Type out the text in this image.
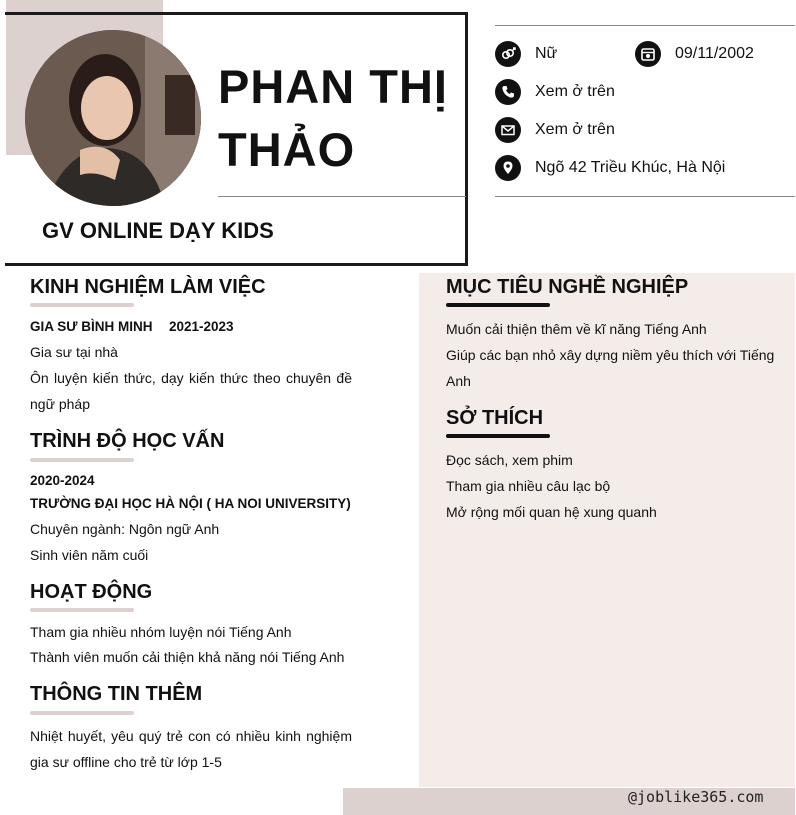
PHAN THỊ THẢO
GV ONLINE DẠY KIDS
Nữ	09/11/2002
Xem ở trên
Xem ở trên
Ngõ 42 Triều Khúc, Hà Nội
@joblike365.com
KINH NGHIỆM LÀM VIỆC
GIA SƯ BÌNH MINH 2021-2023
Gia sư tại nhà
Ôn luyện kiến thức, dạy kiến thức theo chuyên đề ngữ pháp
TRÌNH ĐỘ HỌC VẤN
2020-2024
TRƯỜNG ĐẠI HỌC HÀ NỘI ( HA NOI UNIVERSITY)
Chuyên ngành: Ngôn ngữ Anh
Sinh viên năm cuối
HOẠT ĐỘNG
Tham gia nhiều nhóm luyện nói Tiếng Anh
Thành viên muốn cải thiện khả năng nói Tiếng Anh
THÔNG TIN THÊM
Nhiệt huyết, yêu quý trẻ con có nhiều kinh nghiệm gia sư offline cho trẻ từ lớp 1-5
MỤC TIÊU NGHỀ NGHIỆP
Muốn cải thiện thêm về kĩ năng Tiếng Anh
Giúp các bạn nhỏ xây dựng niềm yêu thích với Tiếng Anh
SỞ THÍCH
Đọc sách, xem phim
Tham gia nhiều câu lạc bộ
Mở rộng mối quan hệ xung quanh
